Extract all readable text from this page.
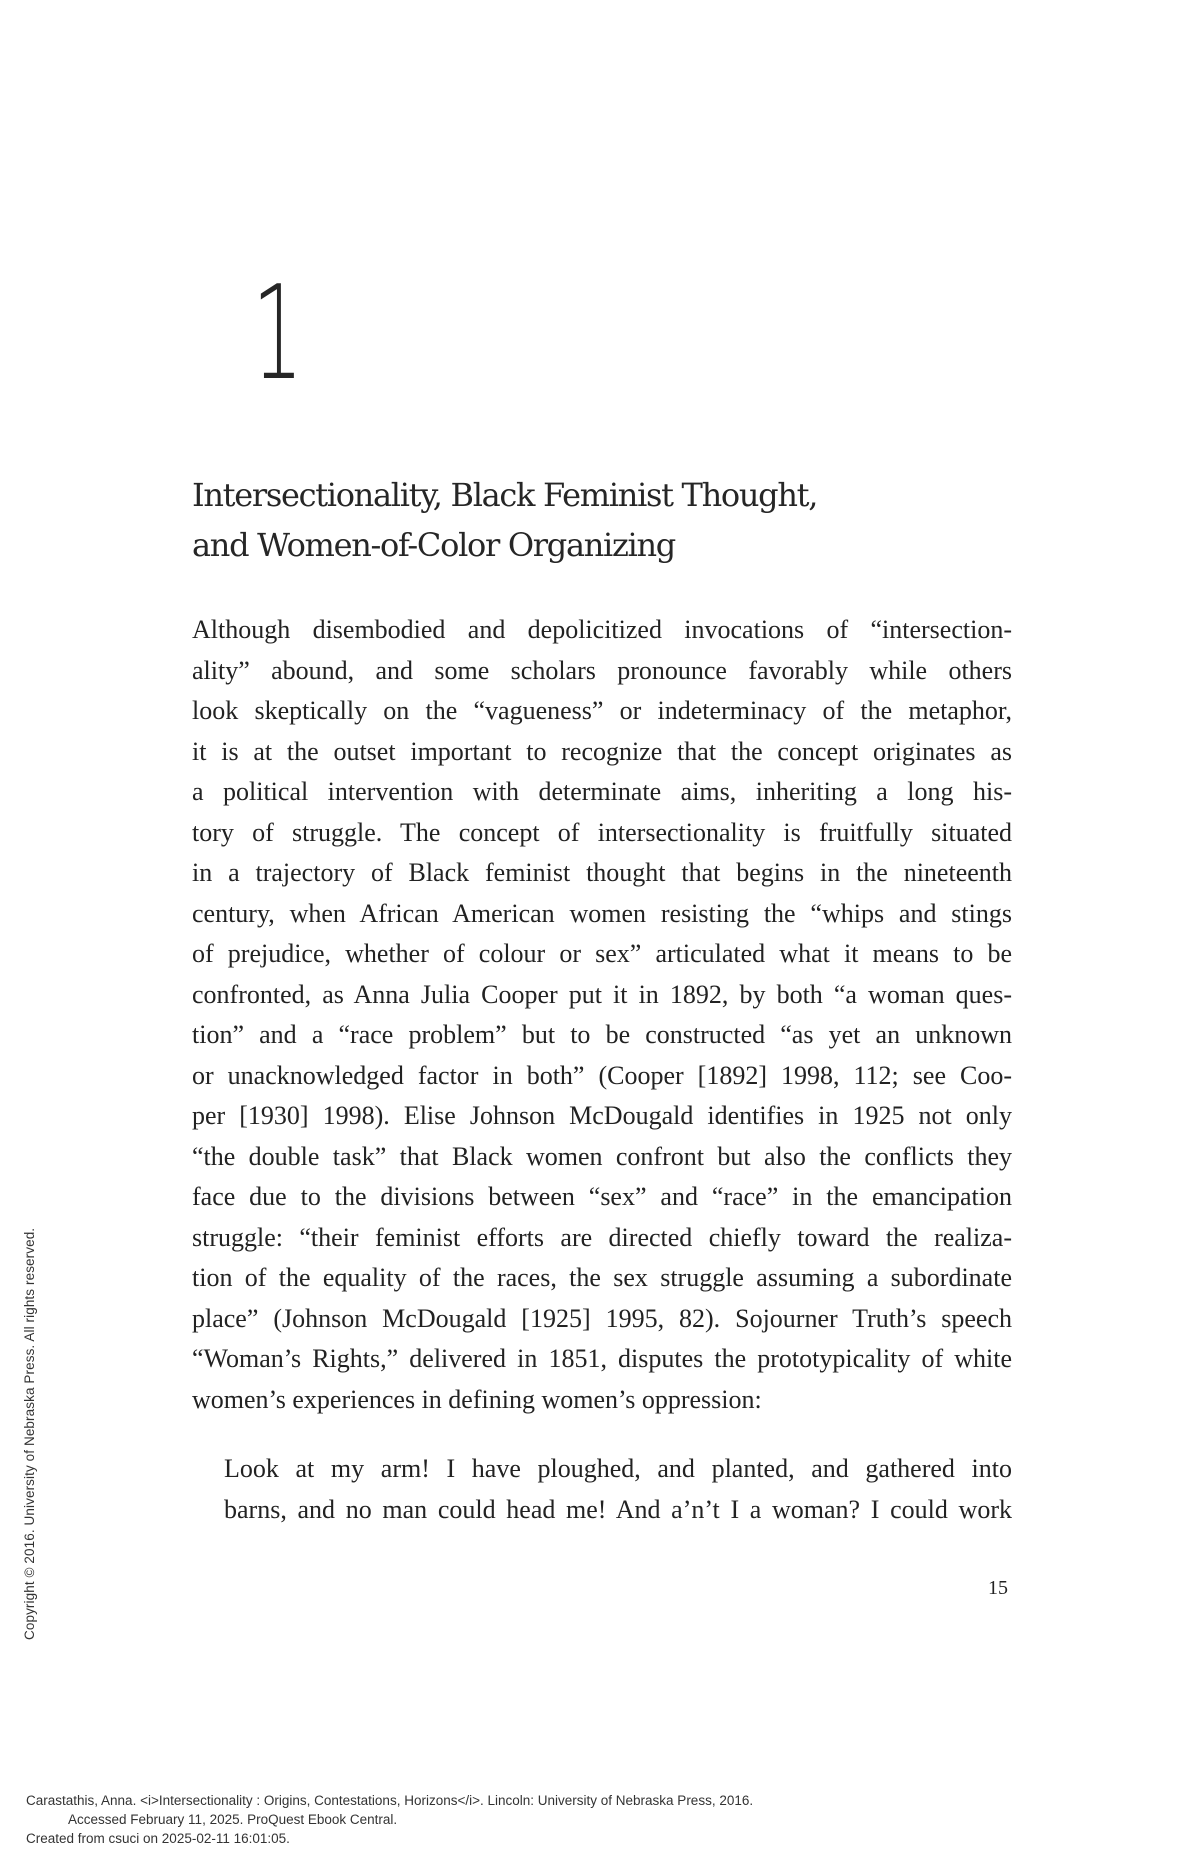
1
Intersectionality, Black Feminist Thought,
and Women-of-Color Organizing
Although disembodied and depolicitized invocations of “intersection-
ality” abound, and some scholars pronounce favorably while others
look skeptically on the “vagueness” or indeterminacy of the metaphor,
it is at the outset important to recognize that the concept originates as
a political intervention with determinate aims, inheriting a long his-
tory of struggle. The concept of intersectionality is fruitfully situated
in a trajectory of Black feminist thought that begins in the nineteenth
century, when African American women resisting the “whips and stings
of prejudice, whether of colour or sex” articulated what it means to be
confronted, as Anna Julia Cooper put it in 1892, by both “a woman ques-
tion” and a “race problem” but to be constructed “as yet an unknown
or unacknowledged factor in both” (Cooper [1892] 1998, 112; see Coo-
per [1930] 1998). Elise Johnson McDougald identifies in 1925 not only
“the double task” that Black women confront but also the conflicts they
face due to the divisions between “sex” and “race” in the emancipation
struggle: “their feminist efforts are directed chiefly toward the realiza-
tion of the equality of the races, the sex struggle assuming a subordinate
place” (Johnson McDougald [1925] 1995, 82). Sojourner Truth’s speech
“Woman’s Rights,” delivered in 1851, disputes the prototypicality of white
women’s experiences in defining women’s oppression:
Look at my arm! I have ploughed, and planted, and gathered into
barns, and no man could head me! And a’n’t I a woman? I could work
15
Copyright © 2016. University of Nebraska Press. All rights reserved.
Carastathis, Anna. <i>Intersectionality : Origins, Contestations, Horizons</i>. Lincoln: University of Nebraska Press, 2016.
Accessed February 11, 2025. ProQuest Ebook Central.
Created from csuci on 2025-02-11 16:01:05.
